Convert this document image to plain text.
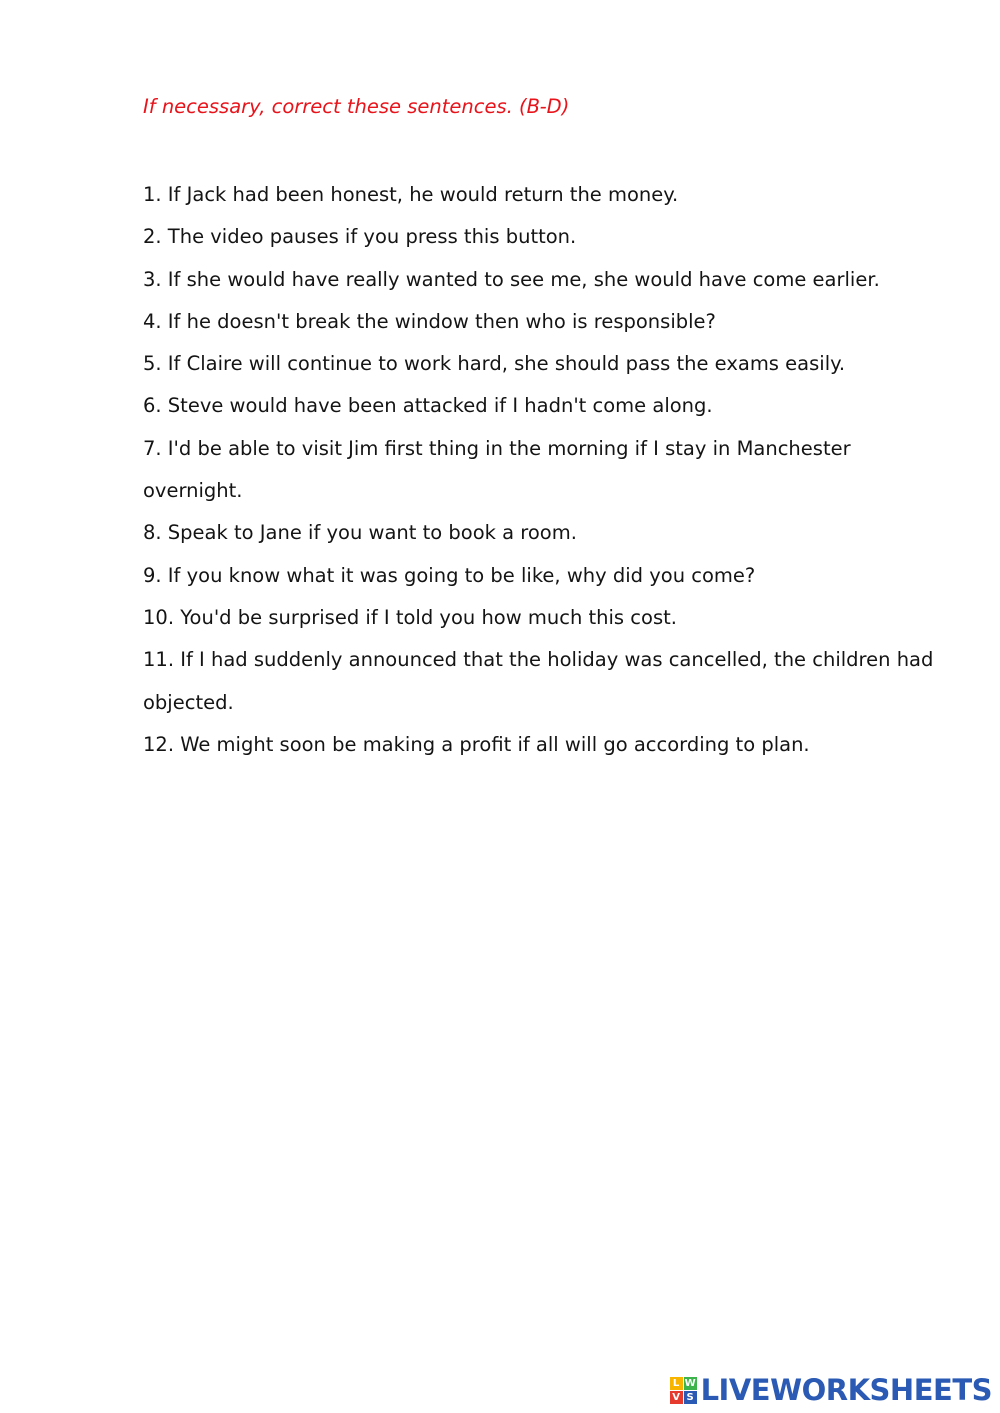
If necessary, correct these sentences. (B-D)

1. If Jack had been honest, he would return the money.
2. The video pauses if you press this button.
3. If she would have really wanted to see me, she would have come earlier.
4. If he doesn't break the window then who is responsible?
5. If Claire will continue to work hard, she should pass the exams easily.
6. Steve would have been attacked if I hadn't come along.
7. I'd be able to visit Jim first thing in the morning if I stay in Manchester overnight.
8. Speak to Jane if you want to book a room.
9. If you know what it was going to be like, why did you come?
10. You'd be surprised if I told you how much this cost.
11. If I had suddenly announced that the holiday was cancelled, the children had objected.
12. We might soon be making a profit if all will go according to plan.
L W
V S LIVEWORKSHEETS
